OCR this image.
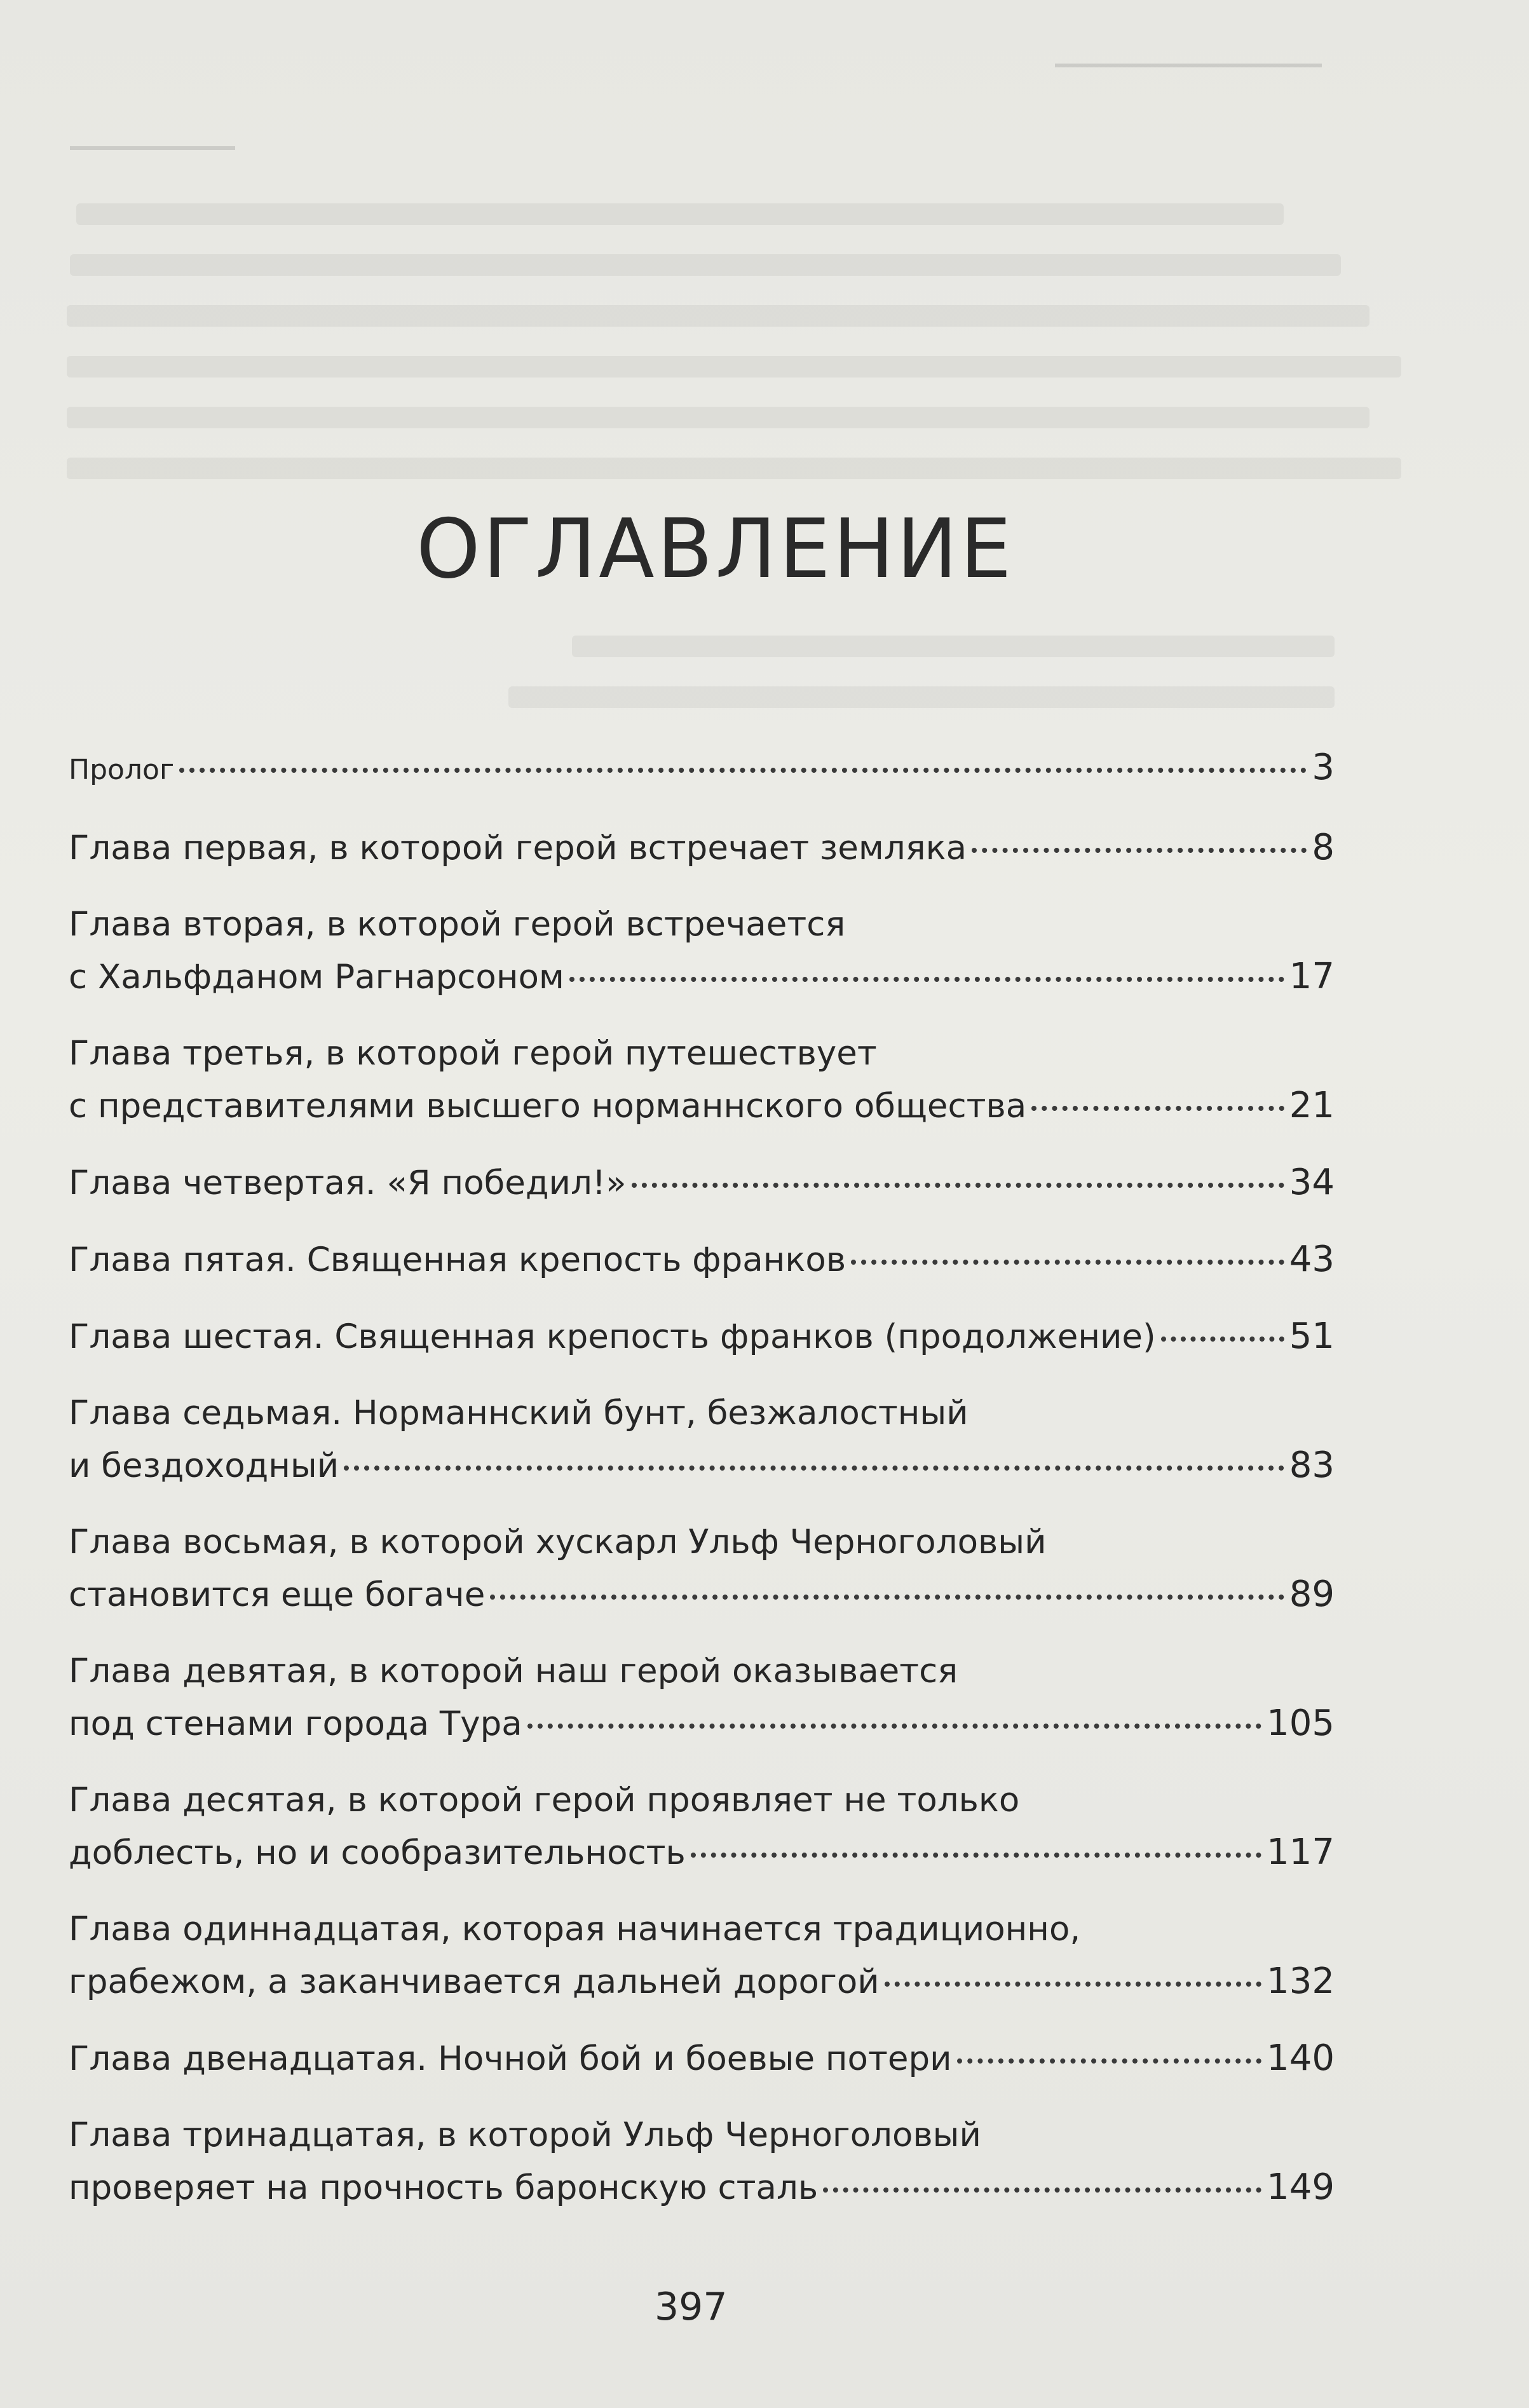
ОГЛАВЛЕНИЕ
Пролог	3
Глава первая, в которой герой встречает земляка	8
Глава вторая, в которой герой встречается
с Хальфданом Рагнарсоном	17
Глава третья, в которой герой путешествует
с представителями высшего норманнского общества	21
Глава четвертая. «Я победил!»	34
Глава пятая. Священная крепость франков	43
Глава шестая. Священная крепость франков (продолжение)	51
Глава седьмая. Норманнский бунт, безжалостный
и бездоходный	83
Глава восьмая, в которой хускарл Ульф Черноголовый
становится еще богаче	89
Глава девятая, в которой наш герой оказывается
под стенами города Тура	105
Глава десятая, в которой герой проявляет не только
доблесть, но и сообразительность	117
Глава одиннадцатая, которая начинается традиционно,
грабежом, а заканчивается дальней дорогой	132
Глава двенадцатая. Ночной бой и боевые потери	140
Глава тринадцатая, в которой Ульф Черноголовый
проверяет на прочность баронскую сталь	149
397
